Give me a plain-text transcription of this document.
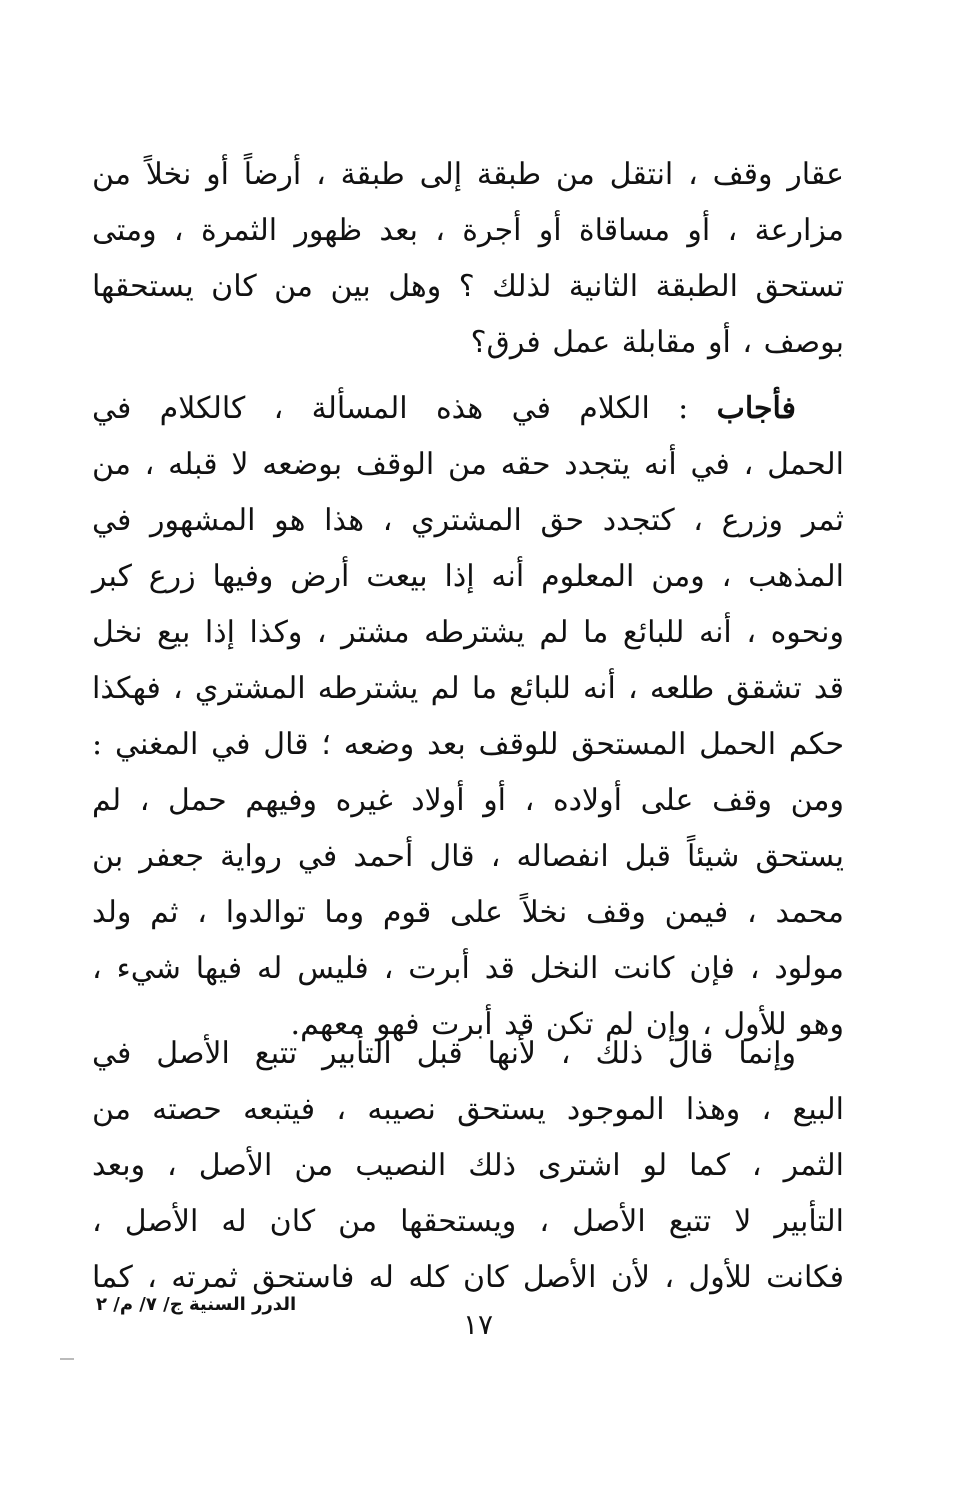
عقار وقف ، انتقل من طبقة إلى طبقة ، أرضاً أو نخلاً من
مزارعة ، أو مساقاة أو أجرة ، بعد ظهور الثمرة ، ومتى
تستحق الطبقة الثانية لذلك ؟ وهل بين من كان يستحقها
بوصف ، أو مقابلة عمل فرق؟
فأجاب : الكلام في هذه المسألة ، كالكلام في
الحمل ، في أنه يتجدد حقه من الوقف بوضعه لا قبله ، من
ثمر وزرع ، كتجدد حق المشتري ، هذا هو المشهور في
المذهب ، ومن المعلوم أنه إذا بيعت أرض وفيها زرع كبر
ونحوه ، أنه للبائع ما لم يشترطه مشتر ، وكذا إذا بيع نخل
قد تشقق طلعه ، أنه للبائع ما لم يشترطه المشتري ، فهكذا
حكم الحمل المستحق للوقف بعد وضعه ؛ قال في المغني :
ومن وقف على أولاده ، أو أولاد غيره وفيهم حمل ، لم
يستحق شيئاً قبل انفصاله ، قال أحمد في رواية جعفر بن
محمد ، فيمن وقف نخلاً على قوم وما توالدوا ، ثم ولد
مولود ، فإن كانت النخل قد أبرت ، فليس له فيها شيء ،
وهو للأول ، وإن لم تكن قد أبرت فهو معهم.
وإنما قال ذلك ، لأنها قبل التأبير تتبع الأصل في
البيع ، وهذا الموجود يستحق نصيبه ، فيتبعه حصته من
الثمر ، كما لو اشترى ذلك النصيب من الأصل ، وبعد
التأبير لا تتبع الأصل ، ويستحقها من كان له الأصل ،
فكانت للأول ، لأن الأصل كان كله له فاستحق ثمرته ، كما
الدرر السنية ج/ ٧/ م/ ٢
١٧
